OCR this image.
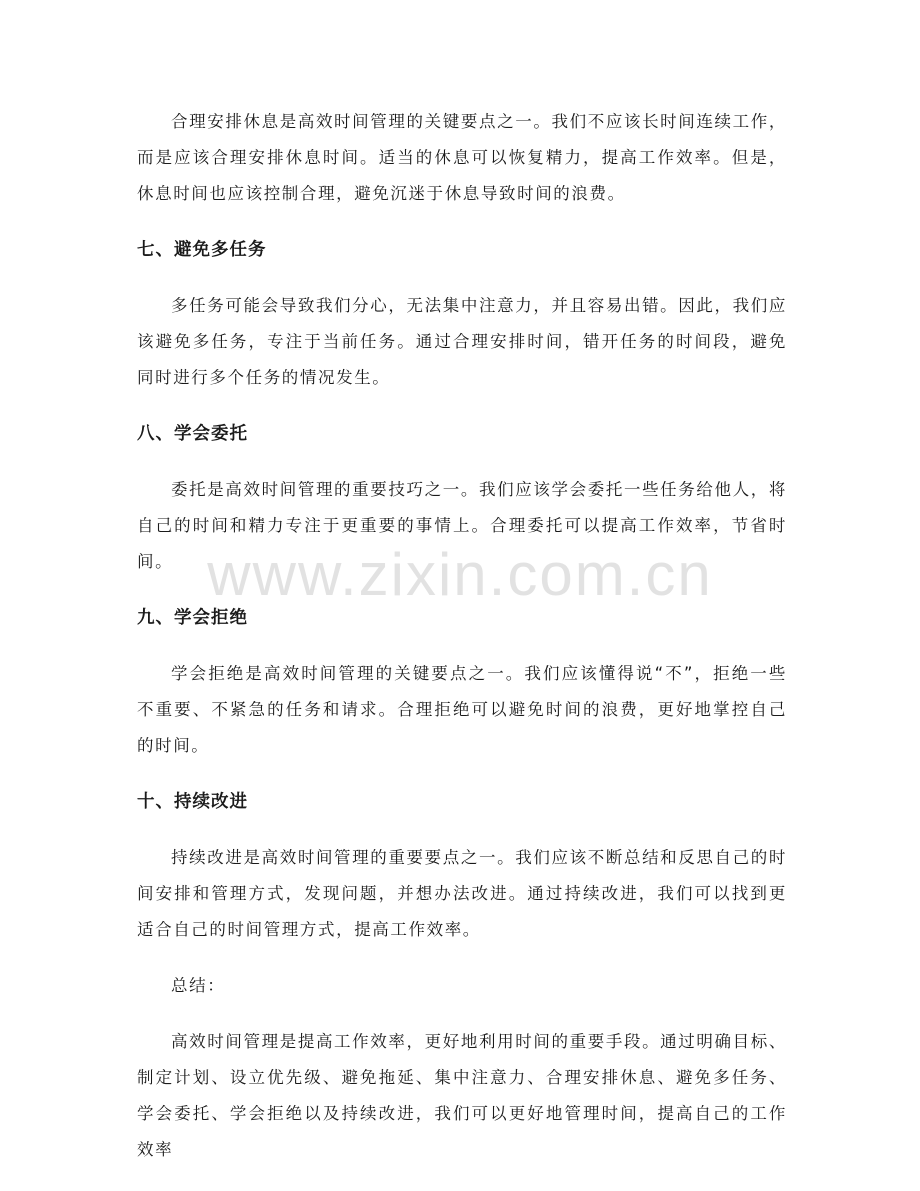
合理安排休息是高效时间管理的关键要点之一。我们不应该长时间连续工作，而是应该合理安排休息时间。适当的休息可以恢复精力，提高工作效率。但是，休息时间也应该控制合理，避免沉迷于休息导致时间的浪费。

七、避免多任务

多任务可能会导致我们分心，无法集中注意力，并且容易出错。因此，我们应该避免多任务，专注于当前任务。通过合理安排时间，错开任务的时间段，避免同时进行多个任务的情况发生。

八、学会委托

委托是高效时间管理的重要技巧之一。我们应该学会委托一些任务给他人，将自己的时间和精力专注于更重要的事情上。合理委托可以提高工作效率，节省时间。

九、学会拒绝

学会拒绝是高效时间管理的关键要点之一。我们应该懂得说“不”，拒绝一些不重要、不紧急的任务和请求。合理拒绝可以避免时间的浪费，更好地掌控自己的时间。

十、持续改进

持续改进是高效时间管理的重要要点之一。我们应该不断总结和反思自己的时间安排和管理方式，发现问题，并想办法改进。通过持续改进，我们可以找到更适合自己的时间管理方式，提高工作效率。

总结：

高效时间管理是提高工作效率，更好地利用时间的重要手段。通过明确目标、制定计划、设立优先级、避免拖延、集中注意力、合理安排休息、避免多任务、学会委托、学会拒绝以及持续改进，我们可以更好地管理时间，提高自己的工作效率

www.zixin.com.cn
